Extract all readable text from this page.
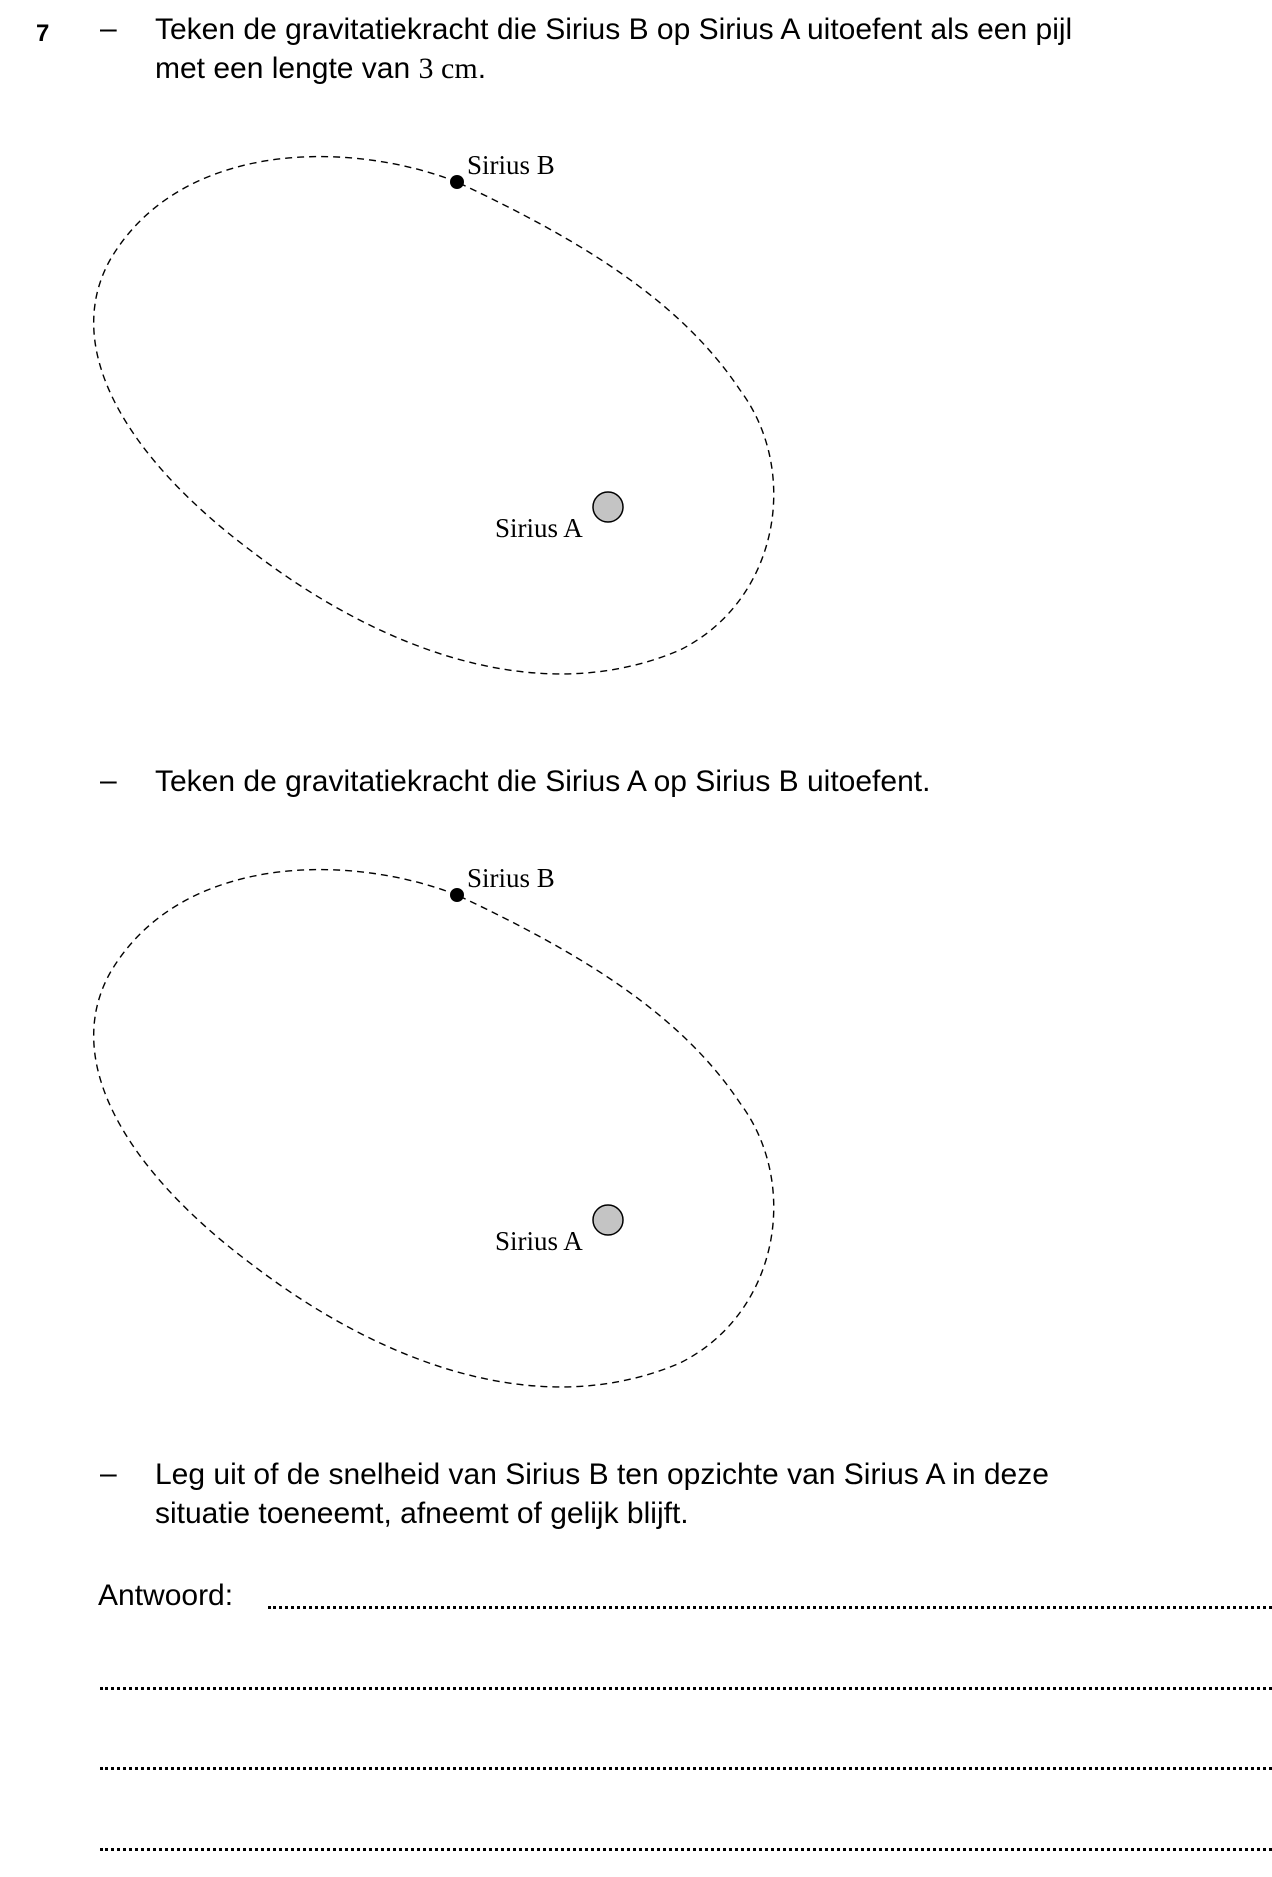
7 – Teken de gravitatiekracht die Sirius B op Sirius A uitoefent als een pijl
met een lengte van 3 cm.
Sirius B
Sirius A
– Teken de gravitatiekracht die Sirius A op Sirius B uitoefent.
Sirius B
Sirius A
– Leg uit of de snelheid van Sirius B ten opzichte van Sirius A in deze
situatie toeneemt, afneemt of gelijk blijft.
Antwoord:
